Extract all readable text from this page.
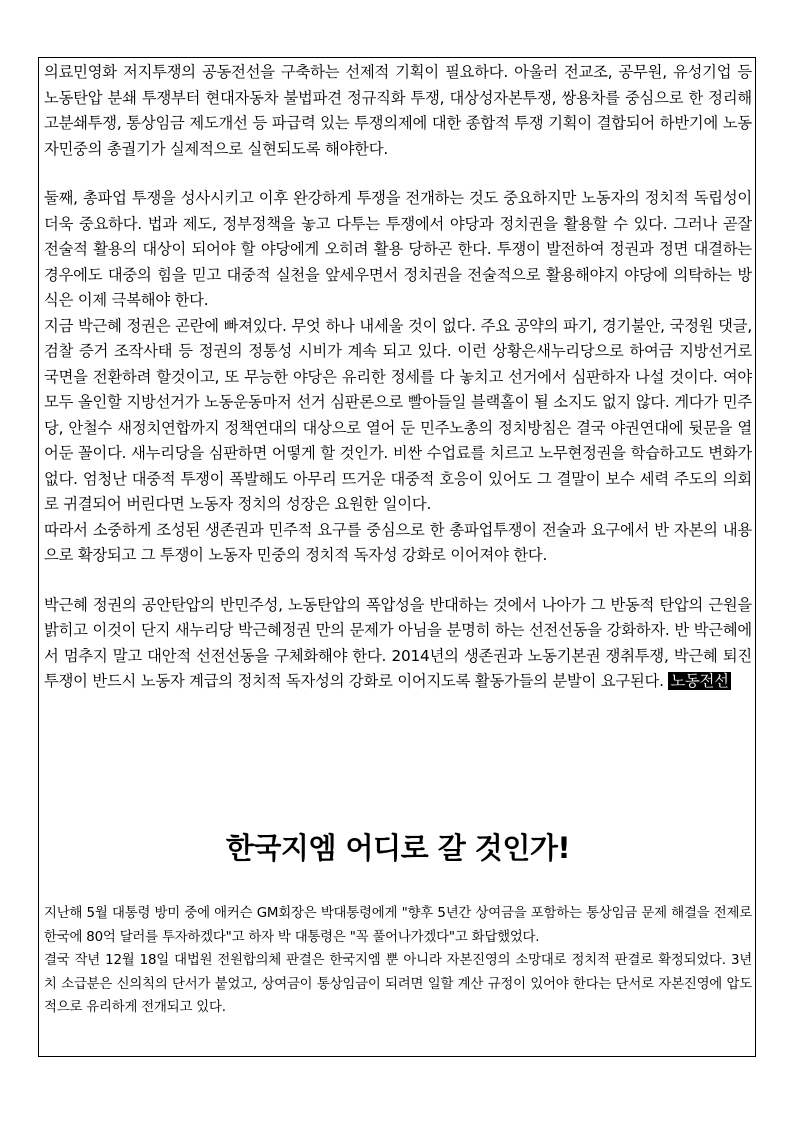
의료민영화 저지투쟁의 공동전선을 구축하는 선제적 기획이 필요하다. 아울러 전교조, 공무원, 유성기업 등 노동탄압 분쇄 투쟁부터 현대자동차 불법파견 정규직화 투쟁, 대상성자본투쟁, 쌍용차를 중심으로 한 정리해고분쇄투쟁, 통상임금 제도개선 등 파급력 있는 투쟁의제에 대한 종합적 투쟁 기획이 결합되어 하반기에 노동자민중의 총궐기가 실제적으로 실현되도록 해야한다.

둘째, 총파업 투쟁을 성사시키고 이후 완강하게 투쟁을 전개하는 것도 중요하지만 노동자의 정치적 독립성이 더욱 중요하다. 법과 제도, 정부정책을 놓고 다투는 투쟁에서 야당과 정치권을 활용할 수 있다. 그러나 곧잘 전술적 활용의 대상이 되어야 할 야당에게 오히려 활용 당하곤 한다. 투쟁이 발전하여 정권과 정면 대결하는 경우에도 대중의 힘을 믿고 대중적 실천을 앞세우면서 정치권을 전술적으로 활용해야지 야당에 의탁하는 방식은 이제 극복해야 한다.

지금 박근혜 정권은 곤란에 빠져있다. 무엇 하나 내세울 것이 없다. 주요 공약의 파기, 경기불안, 국정원 댓글, 검찰 증거 조작사태 등 정권의 정통성 시비가 계속 되고 있다. 이런 상황은새누리당으로 하여금 지방선거로 국면을 전환하려 할것이고, 또 무능한 야당은 유리한 정세를 다 놓치고 선거에서 심판하자 나설 것이다. 여야 모두 올인할 지방선거가 노동운동마저 선거 심판론으로 빨아들일 블랙홀이 될 소지도 없지 않다. 게다가 민주당, 안철수 새정치연합까지 정책연대의 대상으로 열어 둔 민주노총의 정치방침은 결국 야권연대에 뒷문을 열어둔 꼴이다. 새누리당을 심판하면 어떻게 할 것인가. 비싼 수업료를 치르고 노무현정권을 학습하고도 변화가 없다. 엄청난 대중적 투쟁이 폭발해도 아무리 뜨거운 대중적 호응이 있어도 그 결말이 보수 세력 주도의 의회로 귀결되어 버린다면 노동자 정치의 성장은 요원한 일이다.

따라서 소중하게 조성된 생존권과 민주적 요구를 중심으로 한 총파업투쟁이 전술과 요구에서 반 자본의 내용으로 확장되고 그 투쟁이 노동자 민중의 정치적 독자성 강화로 이어져야 한다.

박근혜 정권의 공안탄압의 반민주성, 노동탄압의 폭압성을 반대하는 것에서 나아가 그 반동적 탄압의 근원을 밝히고 이것이 단지 새누리당 박근혜정권 만의 문제가 아님을 분명히 하는 선전선동을 강화하자. 반 박근혜에서 멈추지 말고 대안적 선전선동을 구체화해야 한다. 2014년의 생존권과 노동기본권 쟁취투쟁, 박근혜 퇴진 투쟁이 반드시 노동자 계급의 정치적 독자성의 강화로 이어지도록 활동가들의 분발이 요구된다. 노동전선

한국지엠 어디로 갈 것인가!

지난해 5월 대통령 방미 중에 애커슨 GM회장은 박대통령에게 "향후 5년간 상여금을 포함하는 통상임금 문제 해결을 전제로 한국에 80억 달러를 투자하겠다"고 하자 박 대통령은 "꼭 풀어나가겠다"고 화답했었다.

결국 작년 12월 18일 대법원 전원합의체 판결은 한국지엠 뿐 아니라 자본진영의 소망대로 정치적 판결로 확정되었다. 3년 치 소급분은 신의칙의 단서가 붙었고, 상여금이 통상임금이 되려면 일할 계산 규정이 있어야 한다는 단서로 자본진영에 압도적으로 유리하게 전개되고 있다.
